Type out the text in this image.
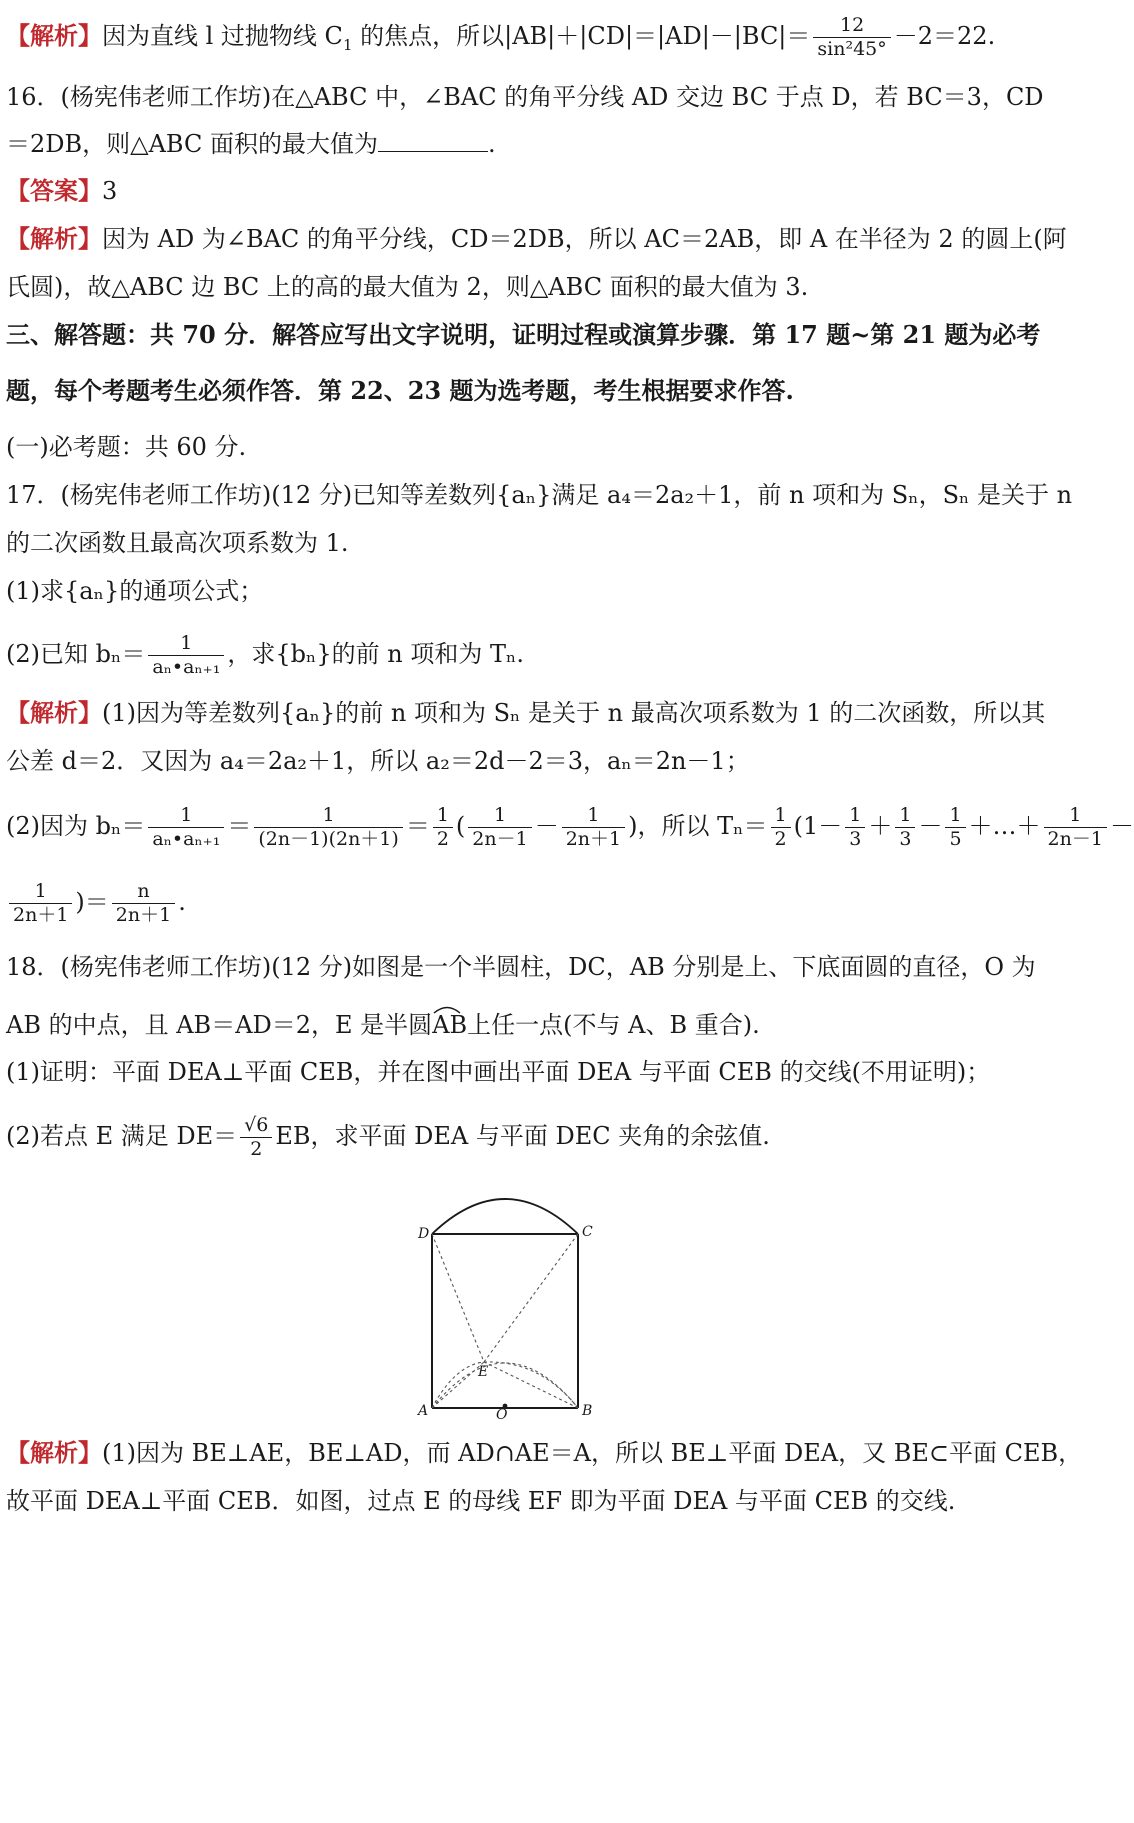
【解析】因为直线 l 过抛物线 $C_1$ 的焦点，所以$|AB|+|CD|=|AD|-|BC|= \frac{12}{\text{sin²45°}} -2=22$.
16．(杨宪伟老师工作坊)在△ABC 中，∠BAC 的角平分线 AD 交边 BC 于点 D，若 BC＝3，CD
＝2DB，则△ABC 面积的最大值为	.
【答案】3
【解析】因为 AD 为∠BAC 的角平分线，CD＝2DB，所以 AC＝2AB，即 A 在半径为 2 的圆上(阿
氏圆)，故△ABC 边 BC 上的高的最大值为 2，则△ABC 面积的最大值为 3.
三、解答题：共 70 分．解答应写出文字说明，证明过程或演算步骤．第 17 题~第 21 题为必考
题，每个考题考生必须作答．第 22、23 题为选考题，考生根据要求作答.
(一)必考题：共 60 分.
17．(杨宪伟老师工作坊)(12 分)已知等差数列{aₙ}满足 a₄＝2a₂＋1，前 n 项和为 Sₙ，Sₙ 是关于 n
的二次函数且最高次项系数为 1.
(1)求{aₙ}的通项公式；
(2)已知 $b_n= \frac{1}{\text{aₙ•aₙ₊₁}}$ ，求{bₙ}的前 n 项和为 Tₙ.
【解析】(1)因为等差数列{aₙ}的前 n 项和为 Sₙ 是关于 n 最高次项系数为 1 的二次函数，所以其
公差 d＝2．又因为 a₄＝2a₂＋1，所以 a₂＝2d－2＝3，aₙ＝2n－1；
(2)因为 $b_n= \frac{1}{\text{aₙ•aₙ₊₁}} = \frac{1}{(2n-1)(2n+1)} = \frac{1}{2}$ ( $\frac{1}{2n-1} - \frac{1}{2n+1}$ )，所以 $T_n= \frac{1}{2} (1- \frac{1}{3} + \frac{1}{3} - \frac{1}{5}$ ＋…＋ $\frac{1}{2n-1}$ －
$\frac{1}{2n+1}$ )＝ $\frac{n}{2n+1}$ .
18．(杨宪伟老师工作坊)(12 分)如图是一个半圆柱，DC，AB 分别是上、下底面圆的直径，O 为
AB 的中点，且 AB＝AD＝2，E 是半圆
AB上任一点(不与 A、B 重合).
(1)证明：平面 DEA⊥平面 CEB，并在图中画出平面 DEA 与平面 CEB 的交线(不用证明)；
(2)若点 E 满足 $DE= \frac{√6}{2}$ EB，求平面 DEA 与平面 DEC 夹角的余弦值.
D	C
A	B
E
O
【解析】(1)因为 BE⊥AE，BE⊥AD，而 AD∩AE＝A，所以 BE⊥平面 DEA，又 BE⊂平面 CEB，
故平面 DEA⊥平面 CEB．如图，过点 E 的母线 EF 即为平面 DEA 与平面 CEB 的交线.
